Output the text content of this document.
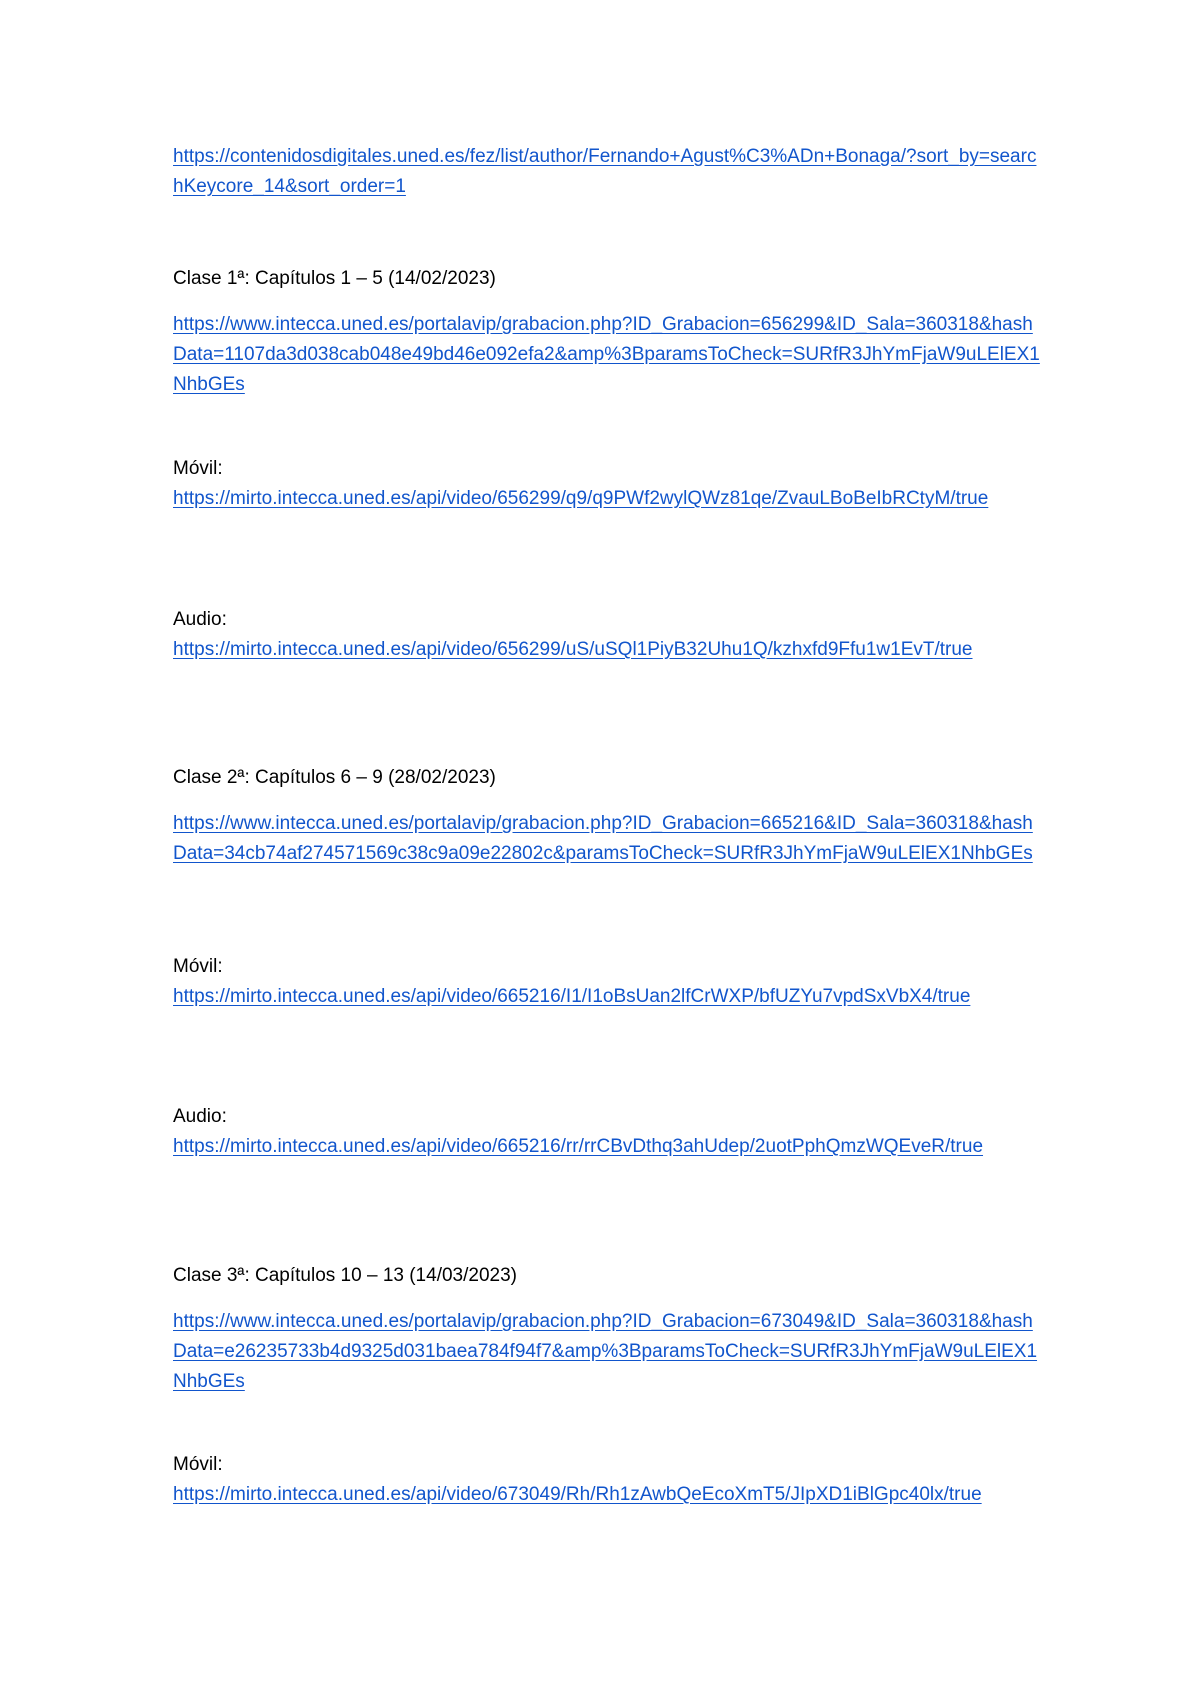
https://contenidosdigitales.uned.es/fez/list/author/Fernando+Agust%C3%ADn+Bonaga/?sort_by=searchKeycore_14&sort_order=1

Clase 1ª: Capítulos 1 – 5 (14/02/2023)

https://www.intecca.uned.es/portalavip/grabacion.php?ID_Grabacion=656299&ID_Sala=360318&hashData=1107da3d038cab048e49bd46e092efa2&amp%3BparamsToCheck=SURfR3JhYmFjaW9uLElEX1NhbGEs

Móvil:

https://mirto.intecca.uned.es/api/video/656299/q9/q9PWf2wylQWz81qe/ZvauLBoBeIbRCtyM/true

Audio:

https://mirto.intecca.uned.es/api/video/656299/uS/uSQl1PiyB32Uhu1Q/kzhxfd9Ffu1w1EvT/true

Clase 2ª: Capítulos 6 – 9 (28/02/2023)

https://www.intecca.uned.es/portalavip/grabacion.php?ID_Grabacion=665216&ID_Sala=360318&hashData=34cb74af274571569c38c9a09e22802c&paramsToCheck=SURfR3JhYmFjaW9uLElEX1NhbGEs

Móvil:

https://mirto.intecca.uned.es/api/video/665216/I1/I1oBsUan2lfCrWXP/bfUZYu7vpdSxVbX4/true

Audio:

https://mirto.intecca.uned.es/api/video/665216/rr/rrCBvDthq3ahUdep/2uotPphQmzWQEveR/true

Clase 3ª: Capítulos 10 – 13 (14/03/2023)

https://www.intecca.uned.es/portalavip/grabacion.php?ID_Grabacion=673049&ID_Sala=360318&hashData=e26235733b4d9325d031baea784f94f7&amp%3BparamsToCheck=SURfR3JhYmFjaW9uLElEX1NhbGEs

Móvil:

https://mirto.intecca.uned.es/api/video/673049/Rh/Rh1zAwbQeEcoXmT5/JIpXD1iBlGpc40lx/true
